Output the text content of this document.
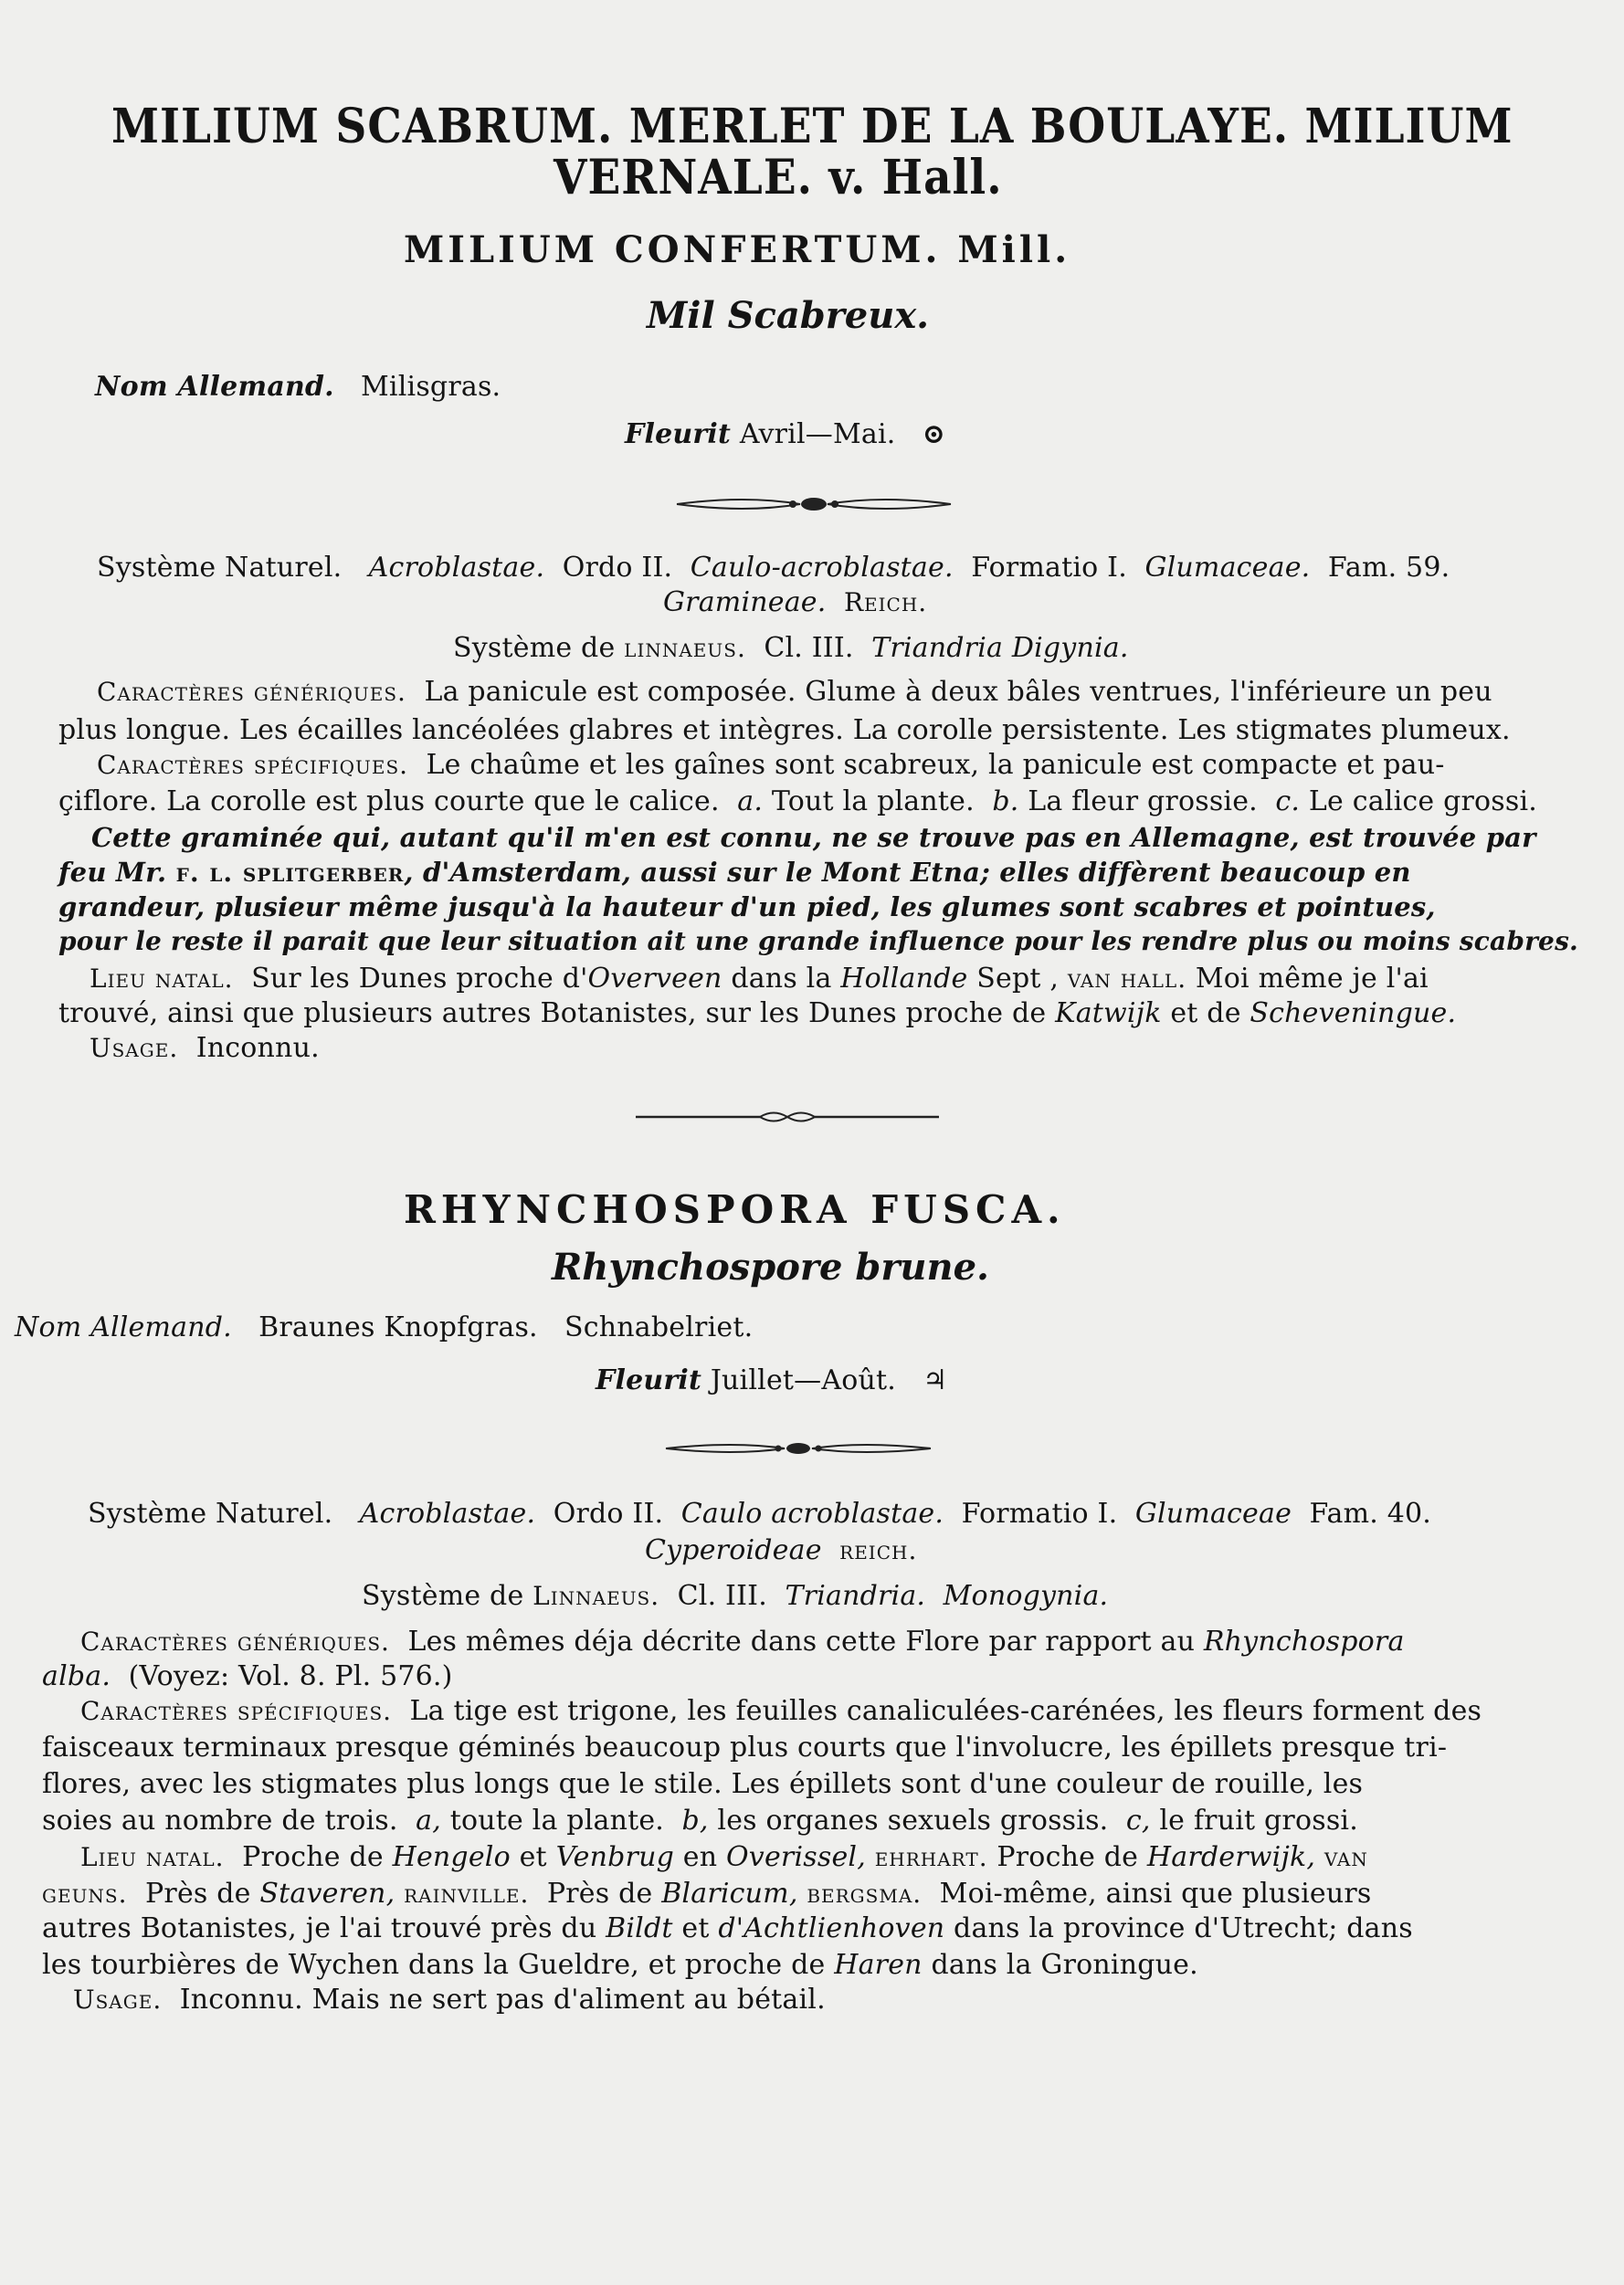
MILIUM SCABRUM. MERLET DE LA BOULAYE. MILIUM
VERNALE. v. Hall.
MILIUM CONFERTUM. Mill.
Mil Scabreux.
Nom Allemand. Milisgras.
Fleurit Avril—Mai. ⊙
Système Naturel. Acroblastae. Ordo II. Caulo-acroblastae. Formatio I. Glumaceae. Fam. 59.
Gramineae. Reich.
Système de linnaeus. Cl. III. Triandria Digynia.
Caractères génériques. La panicule est composée. Glume à deux bâles ventrues, l'inférieure un peu
plus longue. Les écailles lancéolées glabres et intègres. La corolle persistente. Les stigmates plumeux.
Caractères spécifiques. Le chaûme et les gaînes sont scabreux, la panicule est compacte et pau-
çiflore. La corolle est plus courte que le calice. a. Tout la plante. b. La fleur grossie. c. Le calice grossi.
Cette graminée qui, autant qu'il m'en est connu, ne se trouve pas en Allemagne, est trouvée par
feu Mr. f. l. splitgerber, d'Amsterdam, aussi sur le Mont Etna; elles diffèrent beaucoup en
grandeur, plusieur même jusqu'à la hauteur d'un pied, les glumes sont scabres et pointues,
pour le reste il parait que leur situation ait une grande influence pour les rendre plus ou moins scabres.
Lieu natal. Sur les Dunes proche d'Overveen dans la Hollande Sept , van hall. Moi même je l'ai
trouvé, ainsi que plusieurs autres Botanistes, sur les Dunes proche de Katwijk et de Scheveningue.
Usage. Inconnu.
RHYNCHOSPORA FUSCA.
Rhynchospore brune.
Nom Allemand. Braunes Knopfgras. Schnabelriet.
Fleurit Juillet—Août. ♃
Système Naturel. Acroblastae. Ordo II. Caulo acroblastae. Formatio I. Glumaceae Fam. 40.
Cyperoideae reich.
Système de Linnaeus. Cl. III. Triandria. Monogynia.
Caractères génériques. Les mêmes déja décrite dans cette Flore par rapport au Rhynchospora
alba. (Voyez: Vol. 8. Pl. 576.)
Caractères spécifiques. La tige est trigone, les feuilles canaliculées-carénées, les fleurs forment des
faisceaux terminaux presque géminés beaucoup plus courts que l'involucre, les épillets presque tri-
flores, avec les stigmates plus longs que le stile. Les épillets sont d'une couleur de rouille, les
soies au nombre de trois. a, toute la plante. b, les organes sexuels grossis. c, le fruit grossi.
Lieu natal. Proche de Hengelo et Venbrug en Overissel, ehrhart. Proche de Harderwijk, van
geuns. Près de Staveren, rainville. Près de Blaricum, bergsma. Moi-même, ainsi que plusieurs
autres Botanistes, je l'ai trouvé près du Bildt et d'Achtlienhoven dans la province d'Utrecht; dans
les tourbières de Wychen dans la Gueldre, et proche de Haren dans la Groningue.
Usage. Inconnu. Mais ne sert pas d'aliment au bétail.
